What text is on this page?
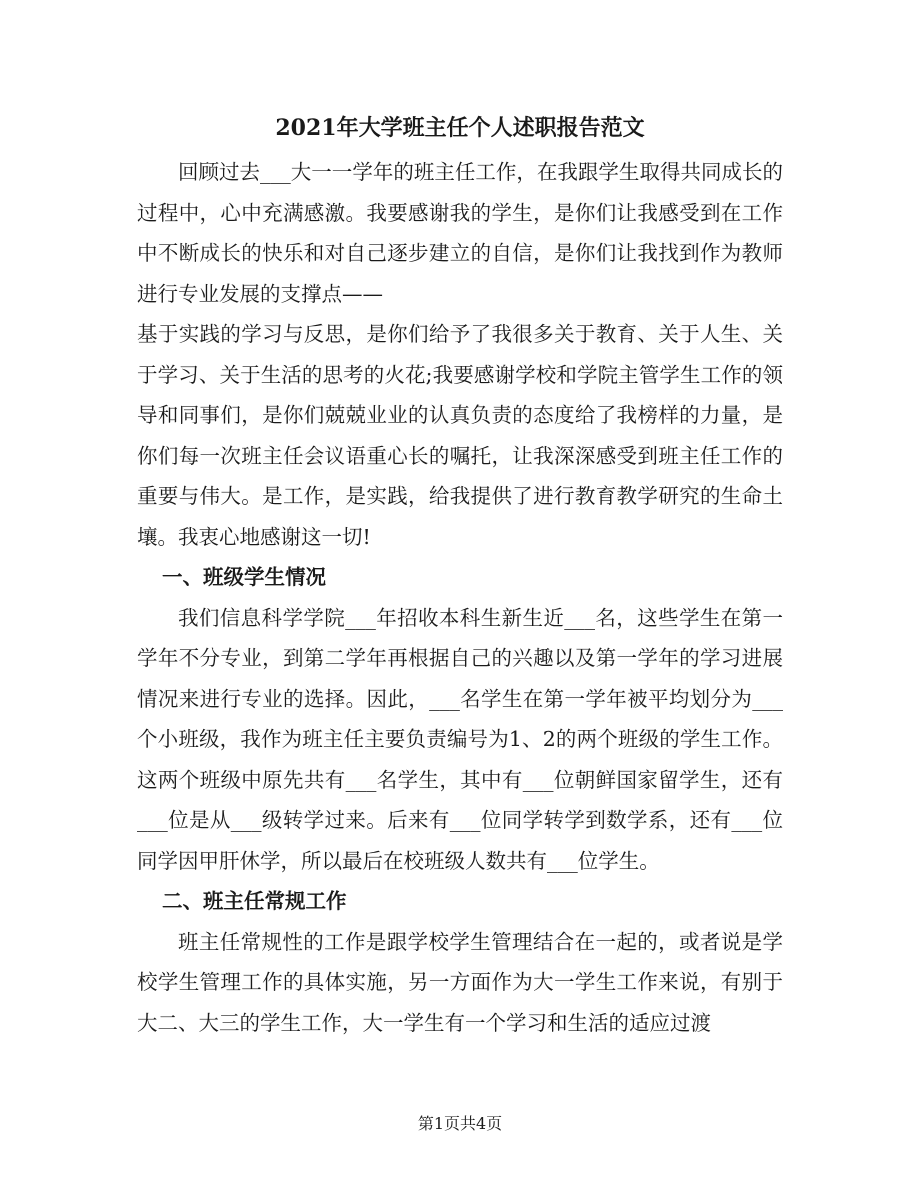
2021年大学班主任个人述职报告范文

回顾过去___大一一学年的班主任工作，在我跟学生取得共同成长的过程中，心中充满感激。我要感谢我的学生，是你们让我感受到在工作中不断成长的快乐和对自己逐步建立的自信，是你们让我找到作为教师进行专业发展的支撑点——

基于实践的学习与反思，是你们给予了我很多关于教育、关于人生、关于学习、关于生活的思考的火花;我要感谢学校和学院主管学生工作的领导和同事们，是你们兢兢业业的认真负责的态度给了我榜样的力量，是你们每一次班主任会议语重心长的嘱托，让我深深感受到班主任工作的重要与伟大。是工作，是实践，给我提供了进行教育教学研究的生命土壤。我衷心地感谢这一切!

一、班级学生情况

我们信息科学学院___年招收本科生新生近___名，这些学生在第一学年不分专业，到第二学年再根据自己的兴趣以及第一学年的学习进展情况来进行专业的选择。因此，___名学生在第一学年被平均划分为___个小班级，我作为班主任主要负责编号为1、2的两个班级的学生工作。这两个班级中原先共有___名学生，其中有___位朝鲜国家留学生，还有___位是从___级转学过来。后来有___位同学转学到数学系，还有___位同学因甲肝休学，所以最后在校班级人数共有___位学生。

二、班主任常规工作

班主任常规性的工作是跟学校学生管理结合在一起的，或者说是学校学生管理工作的具体实施，另一方面作为大一学生工作来说，有别于大二、大三的学生工作，大一学生有一个学习和生活的适应过渡

第1页共4页
